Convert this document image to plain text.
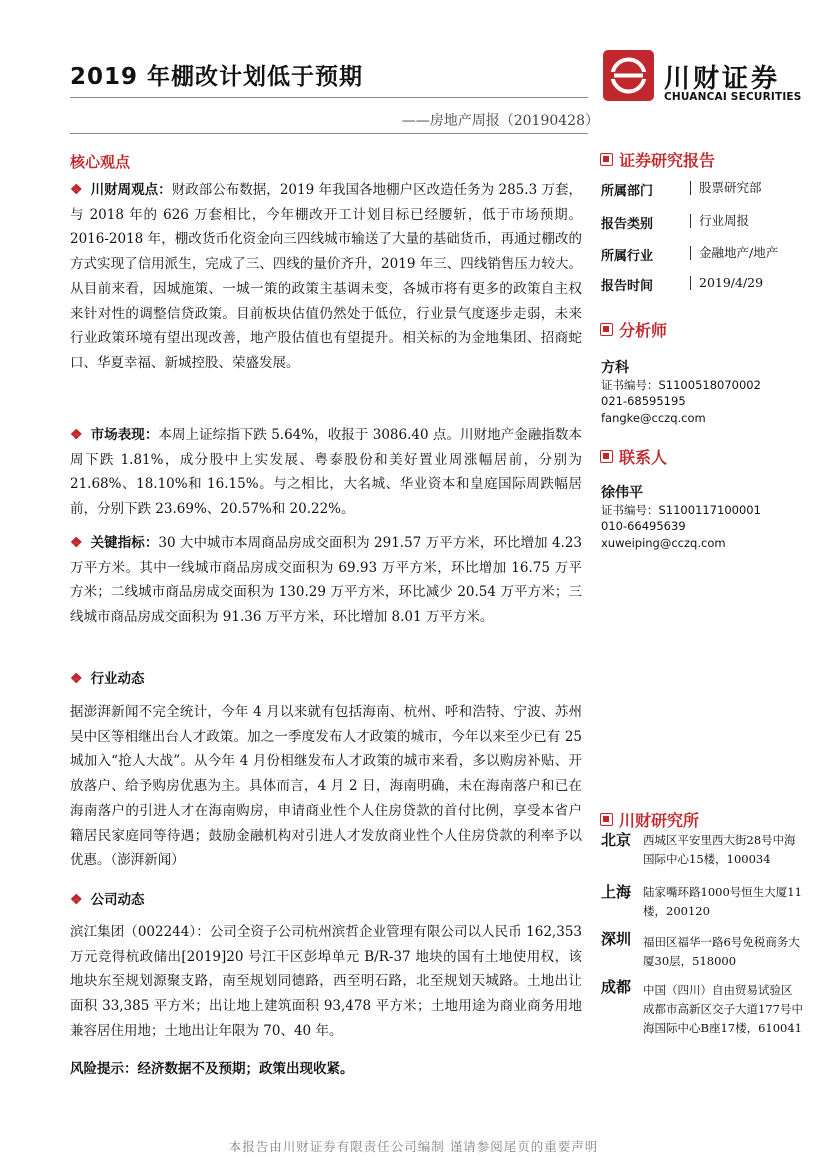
2019 年棚改计划低于预期
——房地产周报（20190428）
川财证券
CHUANCAI SECURITIES
核心观点
❖ 川财周观点：财政部公布数据，2019 年我国各地棚户区改造任务为 285.3 万套，与 2018 年的 626 万套相比，今年棚改开工计划目标已经腰斩，低于市场预期。2016-2018 年，棚改货币化资金向三四线城市输送了大量的基础货币，再通过棚改的方式实现了信用派生，完成了三、四线的量价齐升，2019 年三、四线销售压力较大。从目前来看，因城施策、一城一策的政策主基调未变，各城市将有更多的政策自主权来针对性的调整信贷政策。目前板块估值仍然处于低位，行业景气度逐步走弱，未来行业政策环境有望出现改善，地产股估值也有望提升。相关标的为金地集团、招商蛇口、华夏幸福、新城控股、荣盛发展。
❖ 市场表现：本周上证综指下跌 5.64%，收报于 3086.40 点。川财地产金融指数本周下跌 1.81%，成分股中上实发展、粤泰股份和美好置业周涨幅居前，分别为 21.68%、18.10%和 16.15%。与之相比，大名城、华业资本和皇庭国际周跌幅居前，分别下跌 23.69%、20.57%和 20.22%。
❖ 关键指标：30 大中城市本周商品房成交面积为 291.57 万平方米，环比增加 4.23 万平方米。其中一线城市商品房成交面积为 69.93 万平方米，环比增加 16.75 万平方米；二线城市商品房成交面积为 130.29 万平方米，环比减少 20.54 万平方米；三线城市商品房成交面积为 91.36 万平方米，环比增加 8.01 万平方米。
❖ 行业动态
据澎湃新闻不完全统计，今年 4 月以来就有包括海南、杭州、呼和浩特、宁波、苏州吴中区等相继出台人才政策。加之一季度发布人才政策的城市，今年以来至少已有 25 城加入“抢人大战”。从今年 4 月份相继发布人才政策的城市来看，多以购房补贴、开放落户、给予购房优惠为主。具体而言，4 月 2 日，海南明确，未在海南落户和已在海南落户的引进人才在海南购房，申请商业性个人住房贷款的首付比例，享受本省户籍居民家庭同等待遇；鼓励金融机构对引进人才发放商业性个人住房贷款的利率予以优惠。（澎湃新闻）
❖ 公司动态
滨江集团（002244）：公司全资子公司杭州滨哲企业管理有限公司以人民币 162,353 万元竞得杭政储出[2019]20 号江干区彭埠单元 B/R-37 地块的国有土地使用权，该地块东至规划源聚支路，南至规划同德路，西至明石路，北至规划天城路。土地出让面积 33,385 平方米；出让地上建筑面积 93,478 平方米；土地用途为商业商务用地兼容居住用地；土地出让年限为 70、40 年。
风险提示：经济数据不及预期；政策出现收紧。
证券研究报告
所属部门	股票研究部
报告类别	行业周报
所属行业	金融地产/地产
报告时间	2019/4/29
分析师
方科
证书编号：S1100518070002
021-68595195
fangke@cczq.com
联系人
徐伟平
证书编号：S1100117100001
010-66495639
xuweiping@cczq.com
川财研究所
北京 西城区平安里西大街28号中海国际中心15楼，100034
上海 陆家嘴环路1000号恒生大厦11楼，200120
深圳 福田区福华一路6号免税商务大厦30层，518000
成都 中国（四川）自由贸易试验区成都市高新区交子大道177号中海国际中心B座17楼，610041
本报告由川财证券有限责任公司编制 谨请参阅尾页的重要声明
